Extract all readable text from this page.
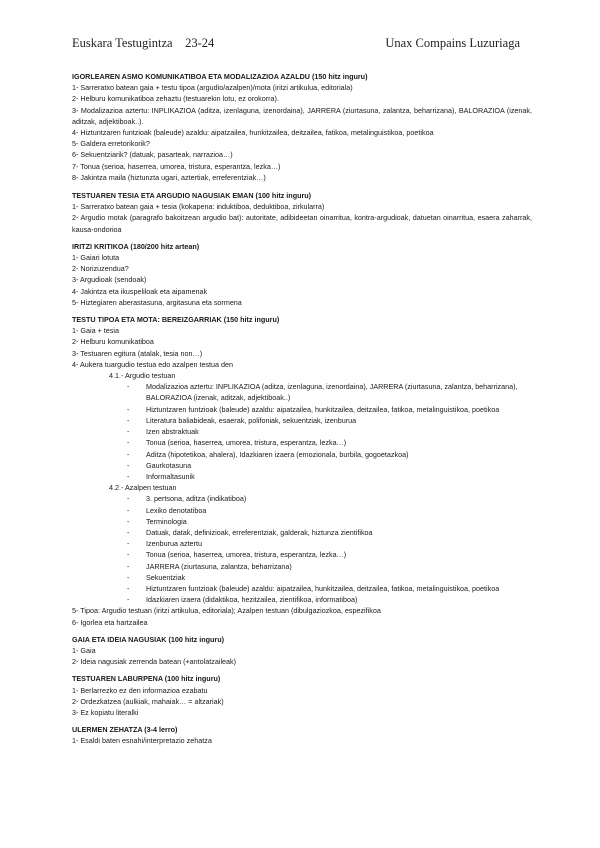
Euskara Testugintza 23-24	Unax Compains Luzuriaga
IGORLEAREN ASMO KOMUNIKATIBOA ETA MODALIZAZIOA AZALDU (150 hitz inguru)
1- Sarreratxo batean gaia + testu tipoa (argudio/azalpen)/mota (iritzi artikulua, editoriala)
2- Helburu komunikatiboa zehaztu (testuarekin lotu, ez orokorra).
3- Modalizazioa aztertu: INPLIKAZIOA (aditza, izenlaguna, izenordaina), JARRERA (ziurtasuna, zalantza, beharrizana), BALORAZIOA (izenak, aditzak, adjektiboak..).
4- Hiztuntzaren funtzioak (baleude) azaldu: aipatzailea, hunkitzailea, deitzailea, fatikoa, metalinguistikoa, poetikoa
5- Galdera erretorikorik?
6- Sekuentziarik? (datuak, pasarteak, narrazioa…)
7- Tonua (serioa, haserrea, umorea, tristura, esperantza, lezka…)
8- Jakintza maila (hiztunzta ugari, aztertiak, erreferentziak…)
TESTUAREN TESIA ETA ARGUDIO NAGUSIAK EMAN (100 hitz inguru)
1- Sarreratxo batean gaia + tesia (kokapena: induktiboa, deduktiboa, zirkularra)
2- Argudio motak (paragrafo bakoitzean argudio bat): autoritate, adibideetan oinarritua, kontra-argudioak, datuetan oinarritua, esaera zaharrak, kausa-ondorioa
IRITZI KRITIKOA (180/200 hitz artean)
1- Gaiari lotuta
2- Norizuzendua?
3- Argudioak (sendoak)
4- Jakintza eta ikuspeliloak eta aipamenak
5- Hiztegiaren aberastasuna, argitasuna eta sormena
TESTU TIPOA ETA MOTA: BEREIZGARRIAK (150 hitz inguru)
1- Gaia + tesia
2- Helburu komunikatiboa
3- Testuaren egitura (atalak, tesia non…)
4- Aukera tuargudio testua edo azalpen testua den
4.1.- Argudio testuan
- Modalizazioa aztertu: INPLIKAZIOA (aditza, izenlaguna, izenordaina), JARRERA (ziurtasuna, zalantza, beharrizana), BALORAZIOA (izenak, aditzak, adjektiboak..)
- Hiztuntzaren funtzioak (baleude) azaldu: aipatzailea, hunkitzailea, deitzailea, fatikoa, metalinguistikoa, poetikoa
- Literatura baliabideak, esaerak, polifoniak, sekuentziak, izenburua
- Izen abstraktuak
- Tonua (serioa, haserrea, umorea, tristura, esperantza, lezka…)
- Aditza (hipotetikoa, ahalera), Idazkiaren izaera (emozionala, burbila, gogoetazkoa)
- Gaurkotasuna
- Informaltasunik
4.2.- Azalpen testuan
- 3. pertsona, aditza (indikatiboa)
- Lexiko denotatiboa
- Terminologia
- Datuak, datak, definizioak, erreferentziak, galderak, hiztunza zientifikoa
- Izenburua aztertu
- Tonua (serioa, haserrea, umorea, tristura, esperantza, lezka…)
- JARRERA (ziurtasuna, zalantza, beharrizana)
- Sekuentziak
- Hiztuntzaren funtzioak (baleude) azaldu: aipatzailea, hunkitzailea, deitzailea, fatikoa, metalinguistikoa, poetikoa
- Idazkiaren izaera (didaktikoa, hezitzailea, zientifikoa, informatiboa)
5- Tipoa: Argudio testuan (iritzi artikulua, editoriala); Azalpen testuan (dibulgaziozkoa, espezifikoa
6- Igorlea eta hartzailea
GAIA ETA IDEIA NAGUSIAK (100 hitz inguru)
1- Gaia
2- Ideia nagusiak zerrenda batean (+antolatzaileak)
TESTUAREN LABURPENA (100 hitz inguru)
1- Berlarrezko ez den informazioa ezabatu
2- Ordezkatzea (aulkiak, mahaiak… = altzariak)
3- Ez kopiatu literalki
ULERMEN ZEHATZA (3-4 lerro)
1- Esaldi baten esnahi/interpretazio zehatza
